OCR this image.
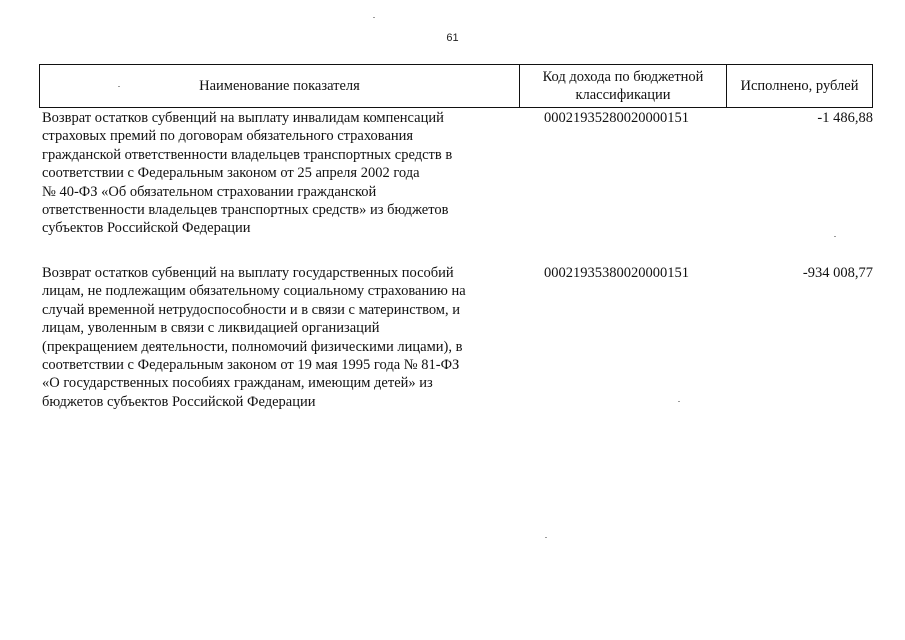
61
Наименование показателя
Код дохода по бюджетной классификации
Исполнено, рублей
Возврат остатков субвенций на выплату инвалидам компенсаций
страховых премий по договорам обязательного страхования
гражданской ответственности владельцев транспортных средств в
соответствии с Федеральным законом от 25 апреля 2002 года
№ 40-ФЗ «Об обязательном страховании гражданской
ответственности владельцев транспортных средств» из бюджетов
субъектов Российской Федерации
00021935280020000151	-1 486,88
Возврат остатков субвенций на выплату государственных пособий
лицам, не подлежащим обязательному социальному страхованию на
случай временной нетрудоспособности и в связи с материнством, и
лицам, уволенным в связи с ликвидацией организаций
(прекращением деятельности, полномочий физическими лицами), в
соответствии с Федеральным законом от 19 мая 1995 года № 81-ФЗ
«О государственных пособиях гражданам, имеющим детей» из
бюджетов субъектов Российской Федерации
00021935380020000151	-934 008,77
